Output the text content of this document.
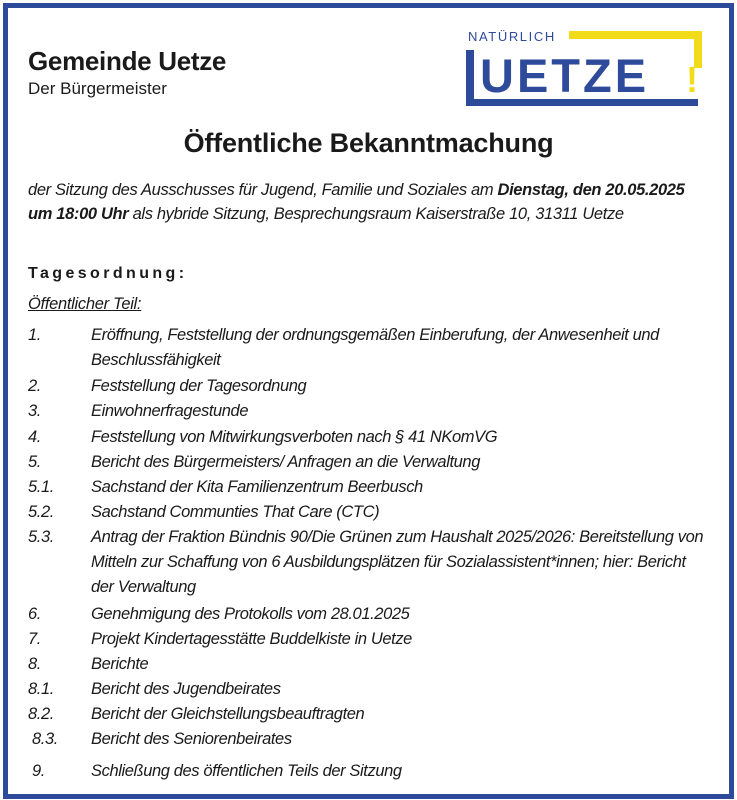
Gemeinde Uetze
Der Bürgermeister
NATÜRLICH
UETZE !
Öffentliche Bekanntmachung
der Sitzung des Ausschusses für Jugend, Familie und Soziales am Dienstag, den 20.05.2025 um 18:00 Uhr als hybride Sitzung, Besprechungsraum Kaiserstraße 10, 31311 Uetze
Tagesordnung:
Öffentlicher Teil:
1.	Eröffnung, Feststellung der ordnungsgemäßen Einberufung, der Anwesenheit und Beschlussfähigkeit
2.	Feststellung der Tagesordnung
3.	Einwohnerfragestunde
4.	Feststellung von Mitwirkungsverboten nach § 41 NKomVG
5.	Bericht des Bürgermeisters/ Anfragen an die Verwaltung
5.1. Sachstand der Kita Familienzentrum Beerbusch
5.2. Sachstand Communties That Care (CTC)
5.3. Antrag der Fraktion Bündnis 90/Die Grünen zum Haushalt 2025/2026: Bereitstellung von Mitteln zur Schaffung von 6 Ausbildungsplätzen für Sozialassistent*innen; hier: Bericht der Verwaltung
6.	Genehmigung des Protokolls vom 28.01.2025
7.	Projekt Kindertagesstätte Buddelkiste in Uetze
8.	Berichte
8.1. Bericht des Jugendbeirates
8.2. Bericht der Gleichstellungsbeauftragten
8.3. Bericht des Seniorenbeirates
9.	Schließung des öffentlichen Teils der Sitzung
